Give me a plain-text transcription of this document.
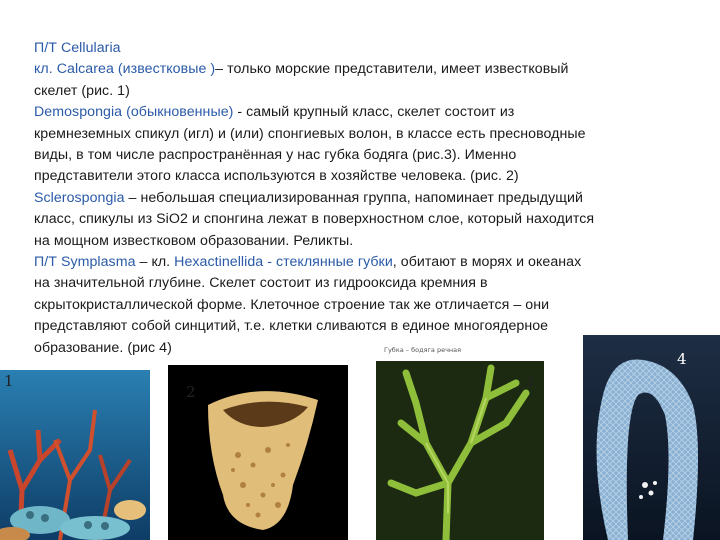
П/Т Cellularia

кл. Calcarea (известковые )– только морские представители, имеет известковый

скелет (рис. 1)

Demospongia (обыкновенные) - самый крупный класс, скелет состоит из

кремнеземных спикул (игл) и (или) спонгиевых волон, в классе есть пресноводные

виды, в том числе распространённая у нас губка бодяга (рис.3). Именно

представители этого класса используются в хозяйстве человека. (рис. 2)

Sclerospongia – небольшая специализированная группа, напоминает предыдущий

класс, спикулы из SiO2 и спонгина лежат в поверхностном слое, который находится

на мощном известковом образовании. Реликты.

П/Т Symplasma – кл. Hexactinellida - стеклянные губки, обитают в морях и океанах

на значительной глубине. Скелет состоит из гидроокcида кремния в

скрытокристаллической форме. Клеточное строение так же отличается – они

представляют собой синцитий, т.е. клетки сливаются в единое многоядерное

образование. (рис 4)

1
2
Губка – бодяга речная
3
4
